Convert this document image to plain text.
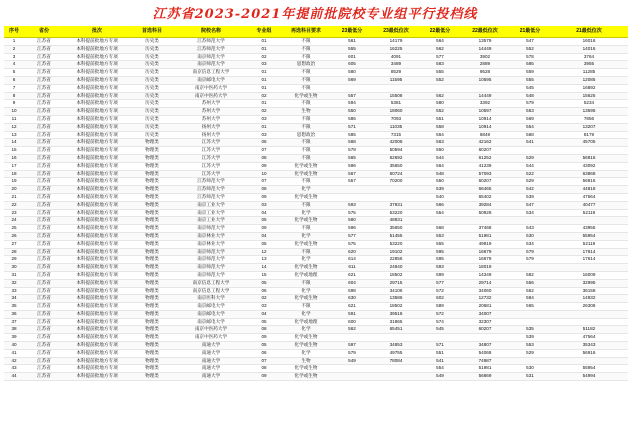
江苏省2023-2021年提前批院校专业组平行投档线
序号	省份	批次	首选科目	院校名称	专业组	再选科目要求	23最低分	23最低位次	22最低分	22最低位次	21最低分	21最低位次
1	江苏省	本科提前批地方专项	历史类	江苏师范大学	01	不限	561	14179	564	13579	547	16016
2	江苏省	本科提前批地方专项	历史类	江苏师范大学	01	不限	555	16225	562	14449	552	14016
3	江苏省	本科提前批地方专项	历史类	南京师范大学	02	不限	601	4091	577	3902	578	3764
4	江苏省	本科提前批地方专项	历史类	南京师范大学	03	思想政治	605	3489	583	2889	585	3955
5	江苏省	本科提前批地方专项	历史类	南京信息工程大学	01	不限	580	8529	555	9528	559	11285
6	江苏省	本科提前批地方专项	历史类	南京邮电大学	01	不限	569	11595	552	10595	555	12085
7	江苏省	本科提前批地方专项	历史类	南京中医药大学	01	不限					545	16892
8	江苏省	本科提前批地方专项	历史类	南京中医药大学	02	化学或生物	557	15508	562	14449	548	15625
9	江苏省	本科提前批地方专项	历史类	苏州大学	01	不限	594	5381	580	3392	579	5234
10	江苏省	本科提前批地方专项	历史类	苏州大学	02	生物	550	18060	552	10597	553	13595
11	江苏省	本科提前批地方专项	历史类	苏州大学	03	不限	586	7093	551	10914	569	7856
12	江苏省	本科提前批地方专项	历史类	扬州大学	01	不限	571	11035	558	10914	554	13207
13	江苏省	本科提前批地方专项	历史类	扬州大学	03	思想政治	585	7315	564	6849	568	8179
14	江苏省	本科提前批地方专项	物理类	江苏大学	06	不限	588	42008	563	42162	541	45705
15	江苏省	本科提前批地方专项	物理类	江苏大学	07	不限	578	50594	550	60207		
16	江苏省	本科提前批地方专项	物理类	江苏大学	08	不限	565	62692	544	61252	529	56916
17	江苏省	本科提前批地方专项	物理类	江苏大学	09	化学或生物	596	35650	564	41239	544	43092
18	江苏省	本科提前批地方专项	物理类	江苏大学	10	化学或生物	567	60724	548	57093	522	63868
19	江苏省	本科提前批地方专项	物理类	江苏师范大学	07	不限	557	70200	550	60207	529	56916
20	江苏省	本科提前批地方专项	物理类	江苏师范大学	08	化学			539	66465	542	44818
21	江苏省	本科提前批地方专项	物理类	江苏师范大学	09	化学或生物			540	65402	539	47564
22	江苏省	本科提前批地方专项	物理类	南京工业大学	03	不限	593	37931	566	39284	547	40477
23	江苏省	本科提前批地方专项	物理类	南京工业大学	04	化学	575	53220	554	50928	534	52119
24	江苏省	本科提前批地方专项	物理类	南京工业大学	05	化学或生物	580	48831				
25	江苏省	本科提前批地方专项	物理类	南京师范大学	09	不限	596	35650	568	37468	543	43955
26	江苏省	本科提前批地方专项	物理类	南京林业大学	04	化学	577	51455	553	51981	530	55954
27	江苏省	本科提前批地方专项	物理类	南京林业大学	05	化学或生物	575	53220	555	49919	534	52119
28	江苏省	本科提前批地方专项	物理类	南京师范大学	12	不限	620	19102	595	16679	579	17614
29	江苏省	本科提前批地方专项	物理类	南京师范大学	13	化学	614	22856	595	16679	579	17614
30	江苏省	本科提前批地方专项	物理类	南京师范大学	14	化学或生物	611	24840	593	18019		
31	江苏省	本科提前批地方专项	物理类	南京师范大学	15	化学或地理	621	18502	599	14349	582	16009
32	江苏省	本科提前批地方专项	物理类	南京信息工程大学	05	不限	604	29715	577	29714	556	32995
33	江苏省	本科提前批地方专项	物理类	南京信息工程大学	06	化学	598	34106	572	34060	552	36158
34	江苏省	本科提前批地方专项	物理类	南京医科大学	02	化学或生物	630	13586	602	12732	584	14932
35	江苏省	本科提前批地方专项	物理类	南京邮电大学	03	不限	621	18502	589	20681	565	26308
36	江苏省	本科提前批地方专项	物理类	南京邮电大学	04	化学	591	39518	572	34007		
37	江苏省	本科提前批地方专项	物理类	南京邮电大学	05	化学或地理	600	31865	574	32307		
38	江苏省	本科提前批地方专项	物理类	南京中医药大学	08	化学	562	65451	545	60207	535	51182
39	江苏省	本科提前批地方专项	物理类	南京中医药大学	09	化学或生物					539	47564
40	江苏省	本科提前批地方专项	物理类	南通大学	05	化学或生物	597	34853	571	34807	553	35343
41	江苏省	本科提前批地方专项	物理类	南通大学	06	化学	579	49755	551	54068	529	56916
42	江苏省	本科提前批地方专项	物理类	南通大学	07	生物	549	78084	541	74987		
43	江苏省	本科提前批地方专项	物理类	南通大学	08	化学或生物			554	51981	530	55954
44	江苏省	本科提前批地方专项	物理类	南通大学	09	化学或生物			549	56869	531	54994
